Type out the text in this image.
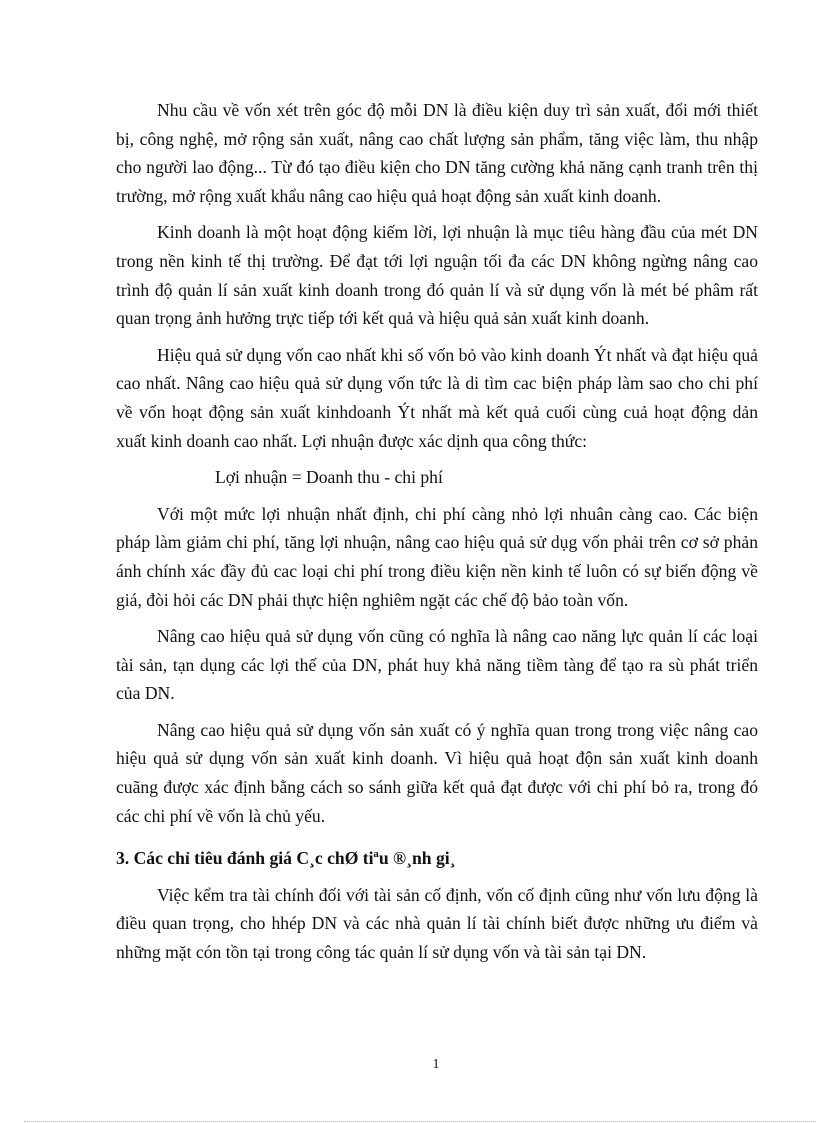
Nhu cầu về vốn xét trên góc độ mỗi DN là điều kiện duy trì sản xuất, đổi mới thiết bị, công nghệ, mở rộng sản xuất, nâng cao chất lượng sản phẩm, tăng việc làm, thu nhập cho người lao động... Từ đó tạo điều kiện cho DN tăng cường khả năng cạnh tranh trên thị trường, mở rộng xuất khẩu nâng cao hiệu quả hoạt động sản xuất kinh doanh.

Kinh doanh là một hoạt động kiếm lời, lợi nhuận là mục tiêu hàng đầu của mét DN trong nền kinh tế thị trường. Để đạt tới lợi nguận tối đa các DN không ngừng nâng cao trình độ quản lí sản xuất kinh doanh trong đó quản lí và sử dụng vốn là mét bé phâm rất quan trọng ảnh hưởng trực tiếp tới kết quả và hiệu quả sản xuất kinh doanh.

Hiệu quả sử dụng vốn cao nhất khi số vốn bỏ vào kinh doanh Ýt nhất và đạt hiệu quả cao nhất. Nâng cao hiệu quả sử dụng vốn tức là di tìm cac biện pháp làm sao cho chi phí về vốn hoạt động sản xuất kinhdoanh Ýt nhất mà kết quả cuối cùng cuả hoạt động dản xuất kinh doanh cao nhất. Lợi nhuận được xác dịnh qua công thức:

Lợi nhuận = Doanh thu - chi phí

Với một mức lợi nhuận nhất định, chi phí càng nhỏ lợi nhuân càng cao. Các biện pháp làm giảm chi phí, tăng lợi nhuận, nâng cao hiệu quả sử dụg vốn phải trên cơ sở phản ánh chính xác đầy đủ cac loại chi phí trong điều kiện nền kinh tế luôn có sự biến động về giá, đòi hỏi các DN phải thực hiện nghiêm ngặt các chế độ bảo toàn vốn.

Nâng cao hiệu quả sử dụng vốn cũng có nghĩa là nâng cao năng lực quản lí các loại tài sản, tạn dụng các lợi thế của DN, phát huy khả năng tiềm tàng để tạo ra sù phát triển của DN.

Nâng cao hiệu quả sử dụng vốn sản xuất có ý nghĩa quan trong trong việc nâng cao hiệu quả sử dụng vốn sản xuất kinh doanh. Vì hiệu quả hoạt độn sản xuất kinh doanh cuãng được xác định bằng cách so sánh giữa kết quả đạt được với chi phí bỏ ra, trong đó các chi phí về vốn là chủ yếu.

3. Các chỉ tiêu đánh giá C¸c chØ tiªu ®¸nh gi¸

Việc kểm tra tài chính đối với tài sản cố định, vốn cố định cũng như vốn lưu động là điều quan trọng, cho hhép DN và các nhà quản lí tài chính biết được những ưu điểm và những mặt cón tồn tại trong công tác quản lí sử dụng vốn và tài sản tại DN.

1
